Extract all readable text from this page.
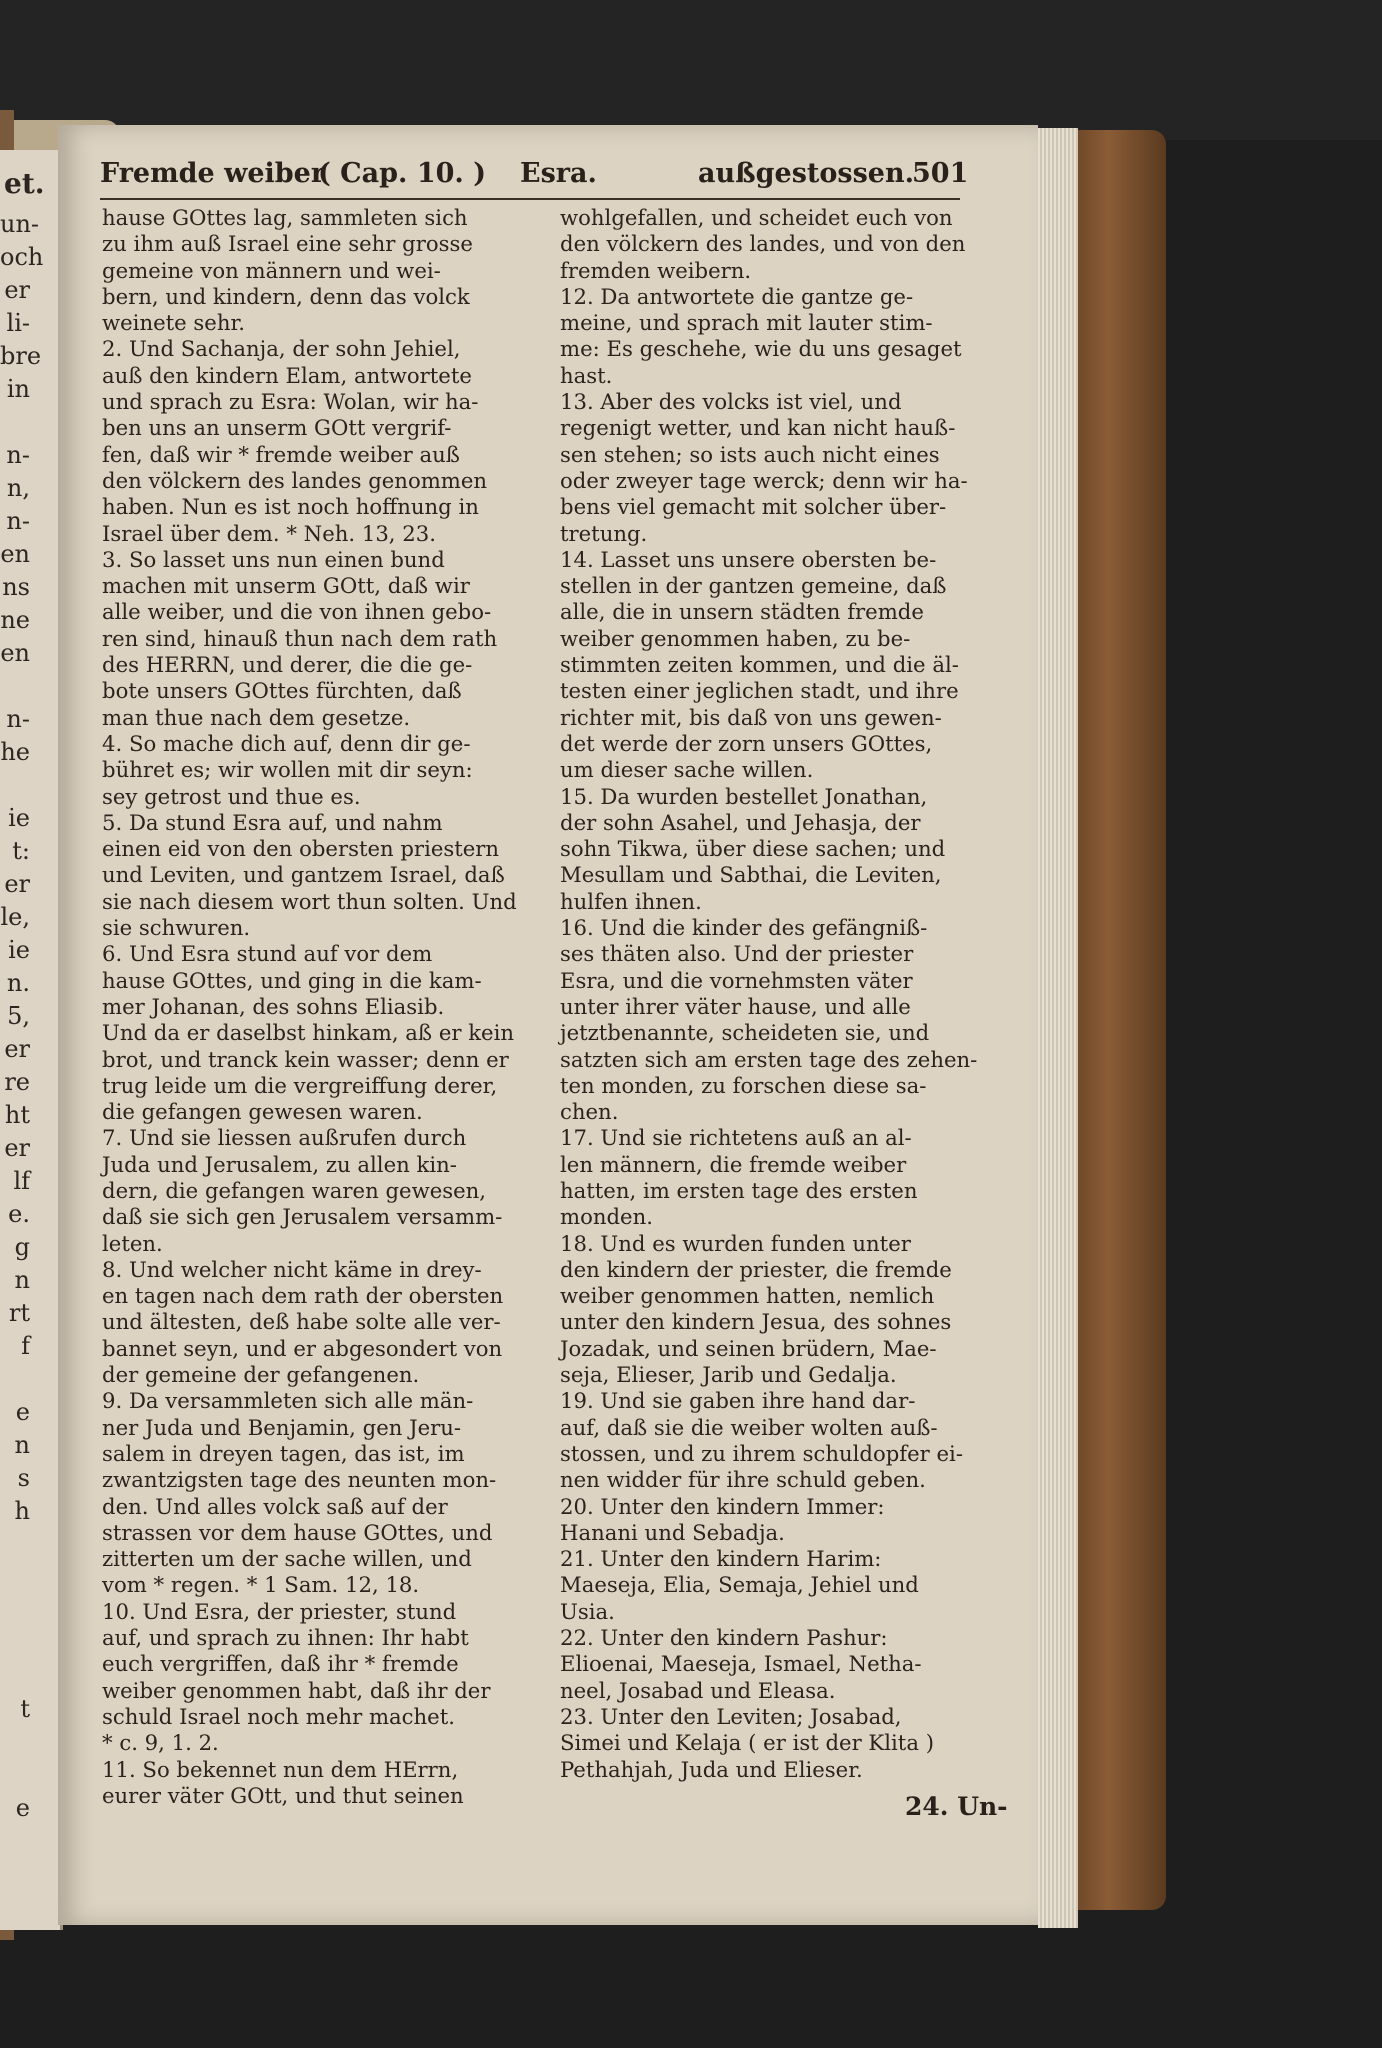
et.
un-
och
er
li-
bre
in
n-
n,
n-
en
ns
ne
en
n-
he
ie
t:
er
le,
ie
n.
5,
er
re
ht
er
lf
e.
g
n
rt
f
e
n
s
h
t
e
Fremde weiber
( Cap. 10. ) Esra.	außgestossen.
501
hause GOttes lag, sammleten sich
zu ihm auß Israel eine sehr grosse
gemeine von männern und wei-
bern, und kindern, denn das volck
weinete sehr.
2. Und Sachanja, der sohn Jehiel,
auß den kindern Elam, antwortete
und sprach zu Esra: Wolan, wir ha-
ben uns an unserm GOtt vergrif-
fen, daß wir * fremde weiber auß
den völckern des landes genommen
haben. Nun es ist noch hoffnung in
Israel über dem. * Neh. 13, 23.
3. So lasset uns nun einen bund
machen mit unserm GOtt, daß wir
alle weiber, und die von ihnen gebo-
ren sind, hinauß thun nach dem rath
des HERRN, und derer, die die ge-
bote unsers GOttes fürchten, daß
man thue nach dem gesetze.
4. So mache dich auf, denn dir ge-
bühret es; wir wollen mit dir seyn:
sey getrost und thue es.
5. Da stund Esra auf, und nahm
einen eid von den obersten priestern
und Leviten, und gantzem Israel, daß
sie nach diesem wort thun solten. Und
sie schwuren.
6. Und Esra stund auf vor dem
hause GOttes, und ging in die kam-
mer Johanan, des sohns Eliasib.
Und da er daselbst hinkam, aß er kein
brot, und tranck kein wasser; denn er
trug leide um die vergreiffung derer,
die gefangen gewesen waren.
7. Und sie liessen außrufen durch
Juda und Jerusalem, zu allen kin-
dern, die gefangen waren gewesen,
daß sie sich gen Jerusalem versamm-
leten.
8. Und welcher nicht käme in drey-
en tagen nach dem rath der obersten
und ältesten, deß habe solte alle ver-
bannet seyn, und er abgesondert von
der gemeine der gefangenen.
9. Da versammleten sich alle män-
ner Juda und Benjamin, gen Jeru-
salem in dreyen tagen, das ist, im
zwantzigsten tage des neunten mon-
den. Und alles volck saß auf der
strassen vor dem hause GOttes, und
zitterten um der sache willen, und
vom * regen. * 1 Sam. 12, 18.
10. Und Esra, der priester, stund
auf, und sprach zu ihnen: Ihr habt
euch vergriffen, daß ihr * fremde
weiber genommen habt, daß ihr der
schuld Israel noch mehr machet.
* c. 9, 1. 2.
11. So bekennet nun dem HErrn,
eurer väter GOtt, und thut seinen
wohlgefallen, und scheidet euch von
den völckern des landes, und von den
fremden weibern.
12. Da antwortete die gantze ge-
meine, und sprach mit lauter stim-
me: Es geschehe, wie du uns gesaget
hast.
13. Aber des volcks ist viel, und
regenigt wetter, und kan nicht hauß-
sen stehen; so ists auch nicht eines
oder zweyer tage werck; denn wir ha-
bens viel gemacht mit solcher über-
tretung.
14. Lasset uns unsere obersten be-
stellen in der gantzen gemeine, daß
alle, die in unsern städten fremde
weiber genommen haben, zu be-
stimmten zeiten kommen, und die äl-
testen einer jeglichen stadt, und ihre
richter mit, bis daß von uns gewen-
det werde der zorn unsers GOttes,
um dieser sache willen.
15. Da wurden bestellet Jonathan,
der sohn Asahel, und Jehasja, der
sohn Tikwa, über diese sachen; und
Mesullam und Sabthai, die Leviten,
hulfen ihnen.
16. Und die kinder des gefängniß-
ses thäten also. Und der priester
Esra, und die vornehmsten väter
unter ihrer väter hause, und alle
jetztbenannte, scheideten sie, und
satzten sich am ersten tage des zehen-
ten monden, zu forschen diese sa-
chen.
17. Und sie richtetens auß an al-
len männern, die fremde weiber
hatten, im ersten tage des ersten
monden.
18. Und es wurden funden unter
den kindern der priester, die fremde
weiber genommen hatten, nemlich
unter den kindern Jesua, des sohnes
Jozadak, und seinen brüdern, Mae-
seja, Elieser, Jarib und Gedalja.
19. Und sie gaben ihre hand dar-
auf, daß sie die weiber wolten auß-
stossen, und zu ihrem schuldopfer ei-
nen widder für ihre schuld geben.
20. Unter den kindern Immer:
Hanani und Sebadja.
21. Unter den kindern Harim:
Maeseja, Elia, Semaja, Jehiel und
Usia.
22. Unter den kindern Pashur:
Elioenai, Maeseja, Ismael, Netha-
neel, Josabad und Eleasa.
23. Unter den Leviten; Josabad,
Simei und Kelaja ( er ist der Klita )
Pethahjah, Juda und Elieser.
24. Un-
